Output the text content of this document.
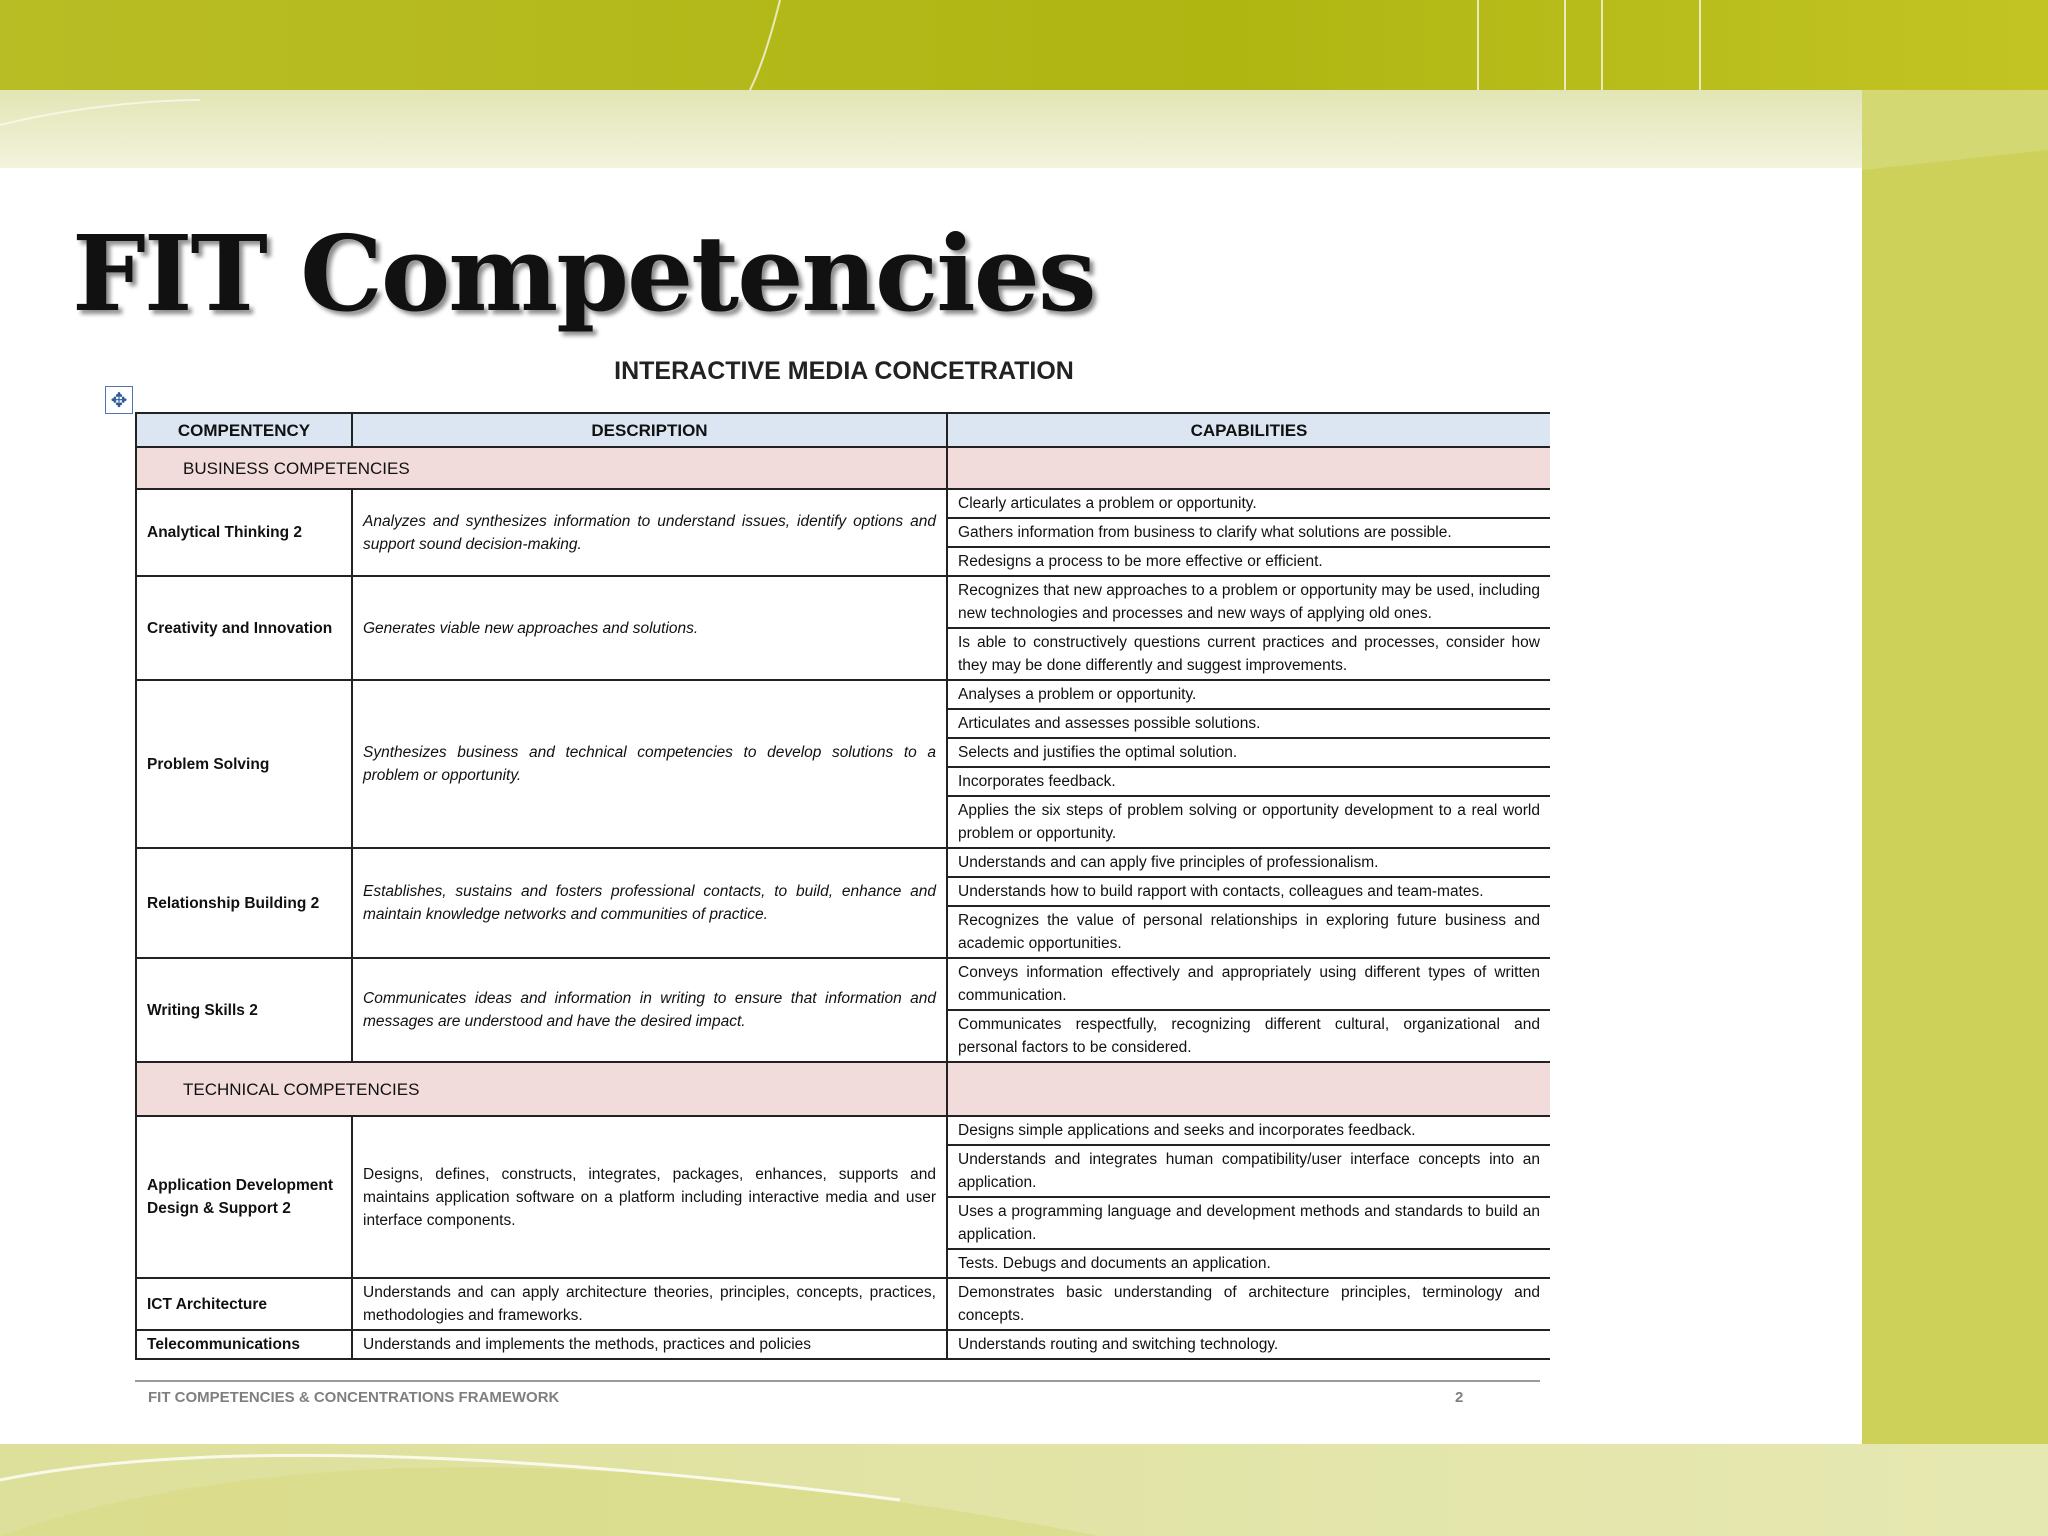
FIT Competencies
INTERACTIVE MEDIA CONCETRATION
✥
COMPENTENCY	DESCRIPTION	CAPABILITIES
BUSINESS COMPETENCIES		
Analytical Thinking 2	Analyzes and synthesizes information to understand issues, identify options and support sound decision-making.	Clearly articulates a problem or opportunity.
		Gathers information from business to clarify what solutions are possible.
		Redesigns a process to be more effective or efficient.
Creativity and Innovation	Generates viable new approaches and solutions.	Recognizes that new approaches to a problem or opportunity may be used, including new technologies and processes and new ways of applying old ones.
		Is able to constructively questions current practices and processes, consider how they may be done differently and suggest improvements.
Problem Solving	Synthesizes business and technical competencies to develop solutions to a problem or opportunity.	Analyses a problem or opportunity.
		Articulates and assesses possible solutions.
		Selects and justifies the optimal solution.
		Incorporates feedback.
		Applies the six steps of problem solving or opportunity development to a real world problem or opportunity.
Relationship Building 2	Establishes, sustains and fosters professional contacts, to build, enhance and maintain knowledge networks and communities of practice.	Understands and can apply five principles of professionalism.
		Understands how to build rapport with contacts, colleagues and team-mates.
		Recognizes the value of personal relationships in exploring future business and academic opportunities.
Writing Skills 2	Communicates ideas and information in writing to ensure that information and messages are understood and have the desired impact.	Conveys information effectively and appropriately using different types of written communication.
		Communicates respectfully, recognizing different cultural, organizational and personal factors to be considered.
TECHNICAL COMPETENCIES		
Application Development Design & Support 2	Designs, defines, constructs, integrates, packages, enhances, supports and maintains application software on a platform including interactive media and user interface components.	Designs simple applications and seeks and incorporates feedback.
		Understands and integrates human compatibility/user interface concepts into an application.
		Uses a programming language and development methods and standards to build an application.
		Tests. Debugs and documents an application.
ICT Architecture	Understands and can apply architecture theories, principles, concepts, practices, methodologies and frameworks.	Demonstrates basic understanding of architecture principles, terminology and concepts.
Telecommunications	Understands and implements the methods, practices and policies	Understands routing and switching technology.
FIT COMPETENCIES & CONCENTRATIONS FRAMEWORK	2
